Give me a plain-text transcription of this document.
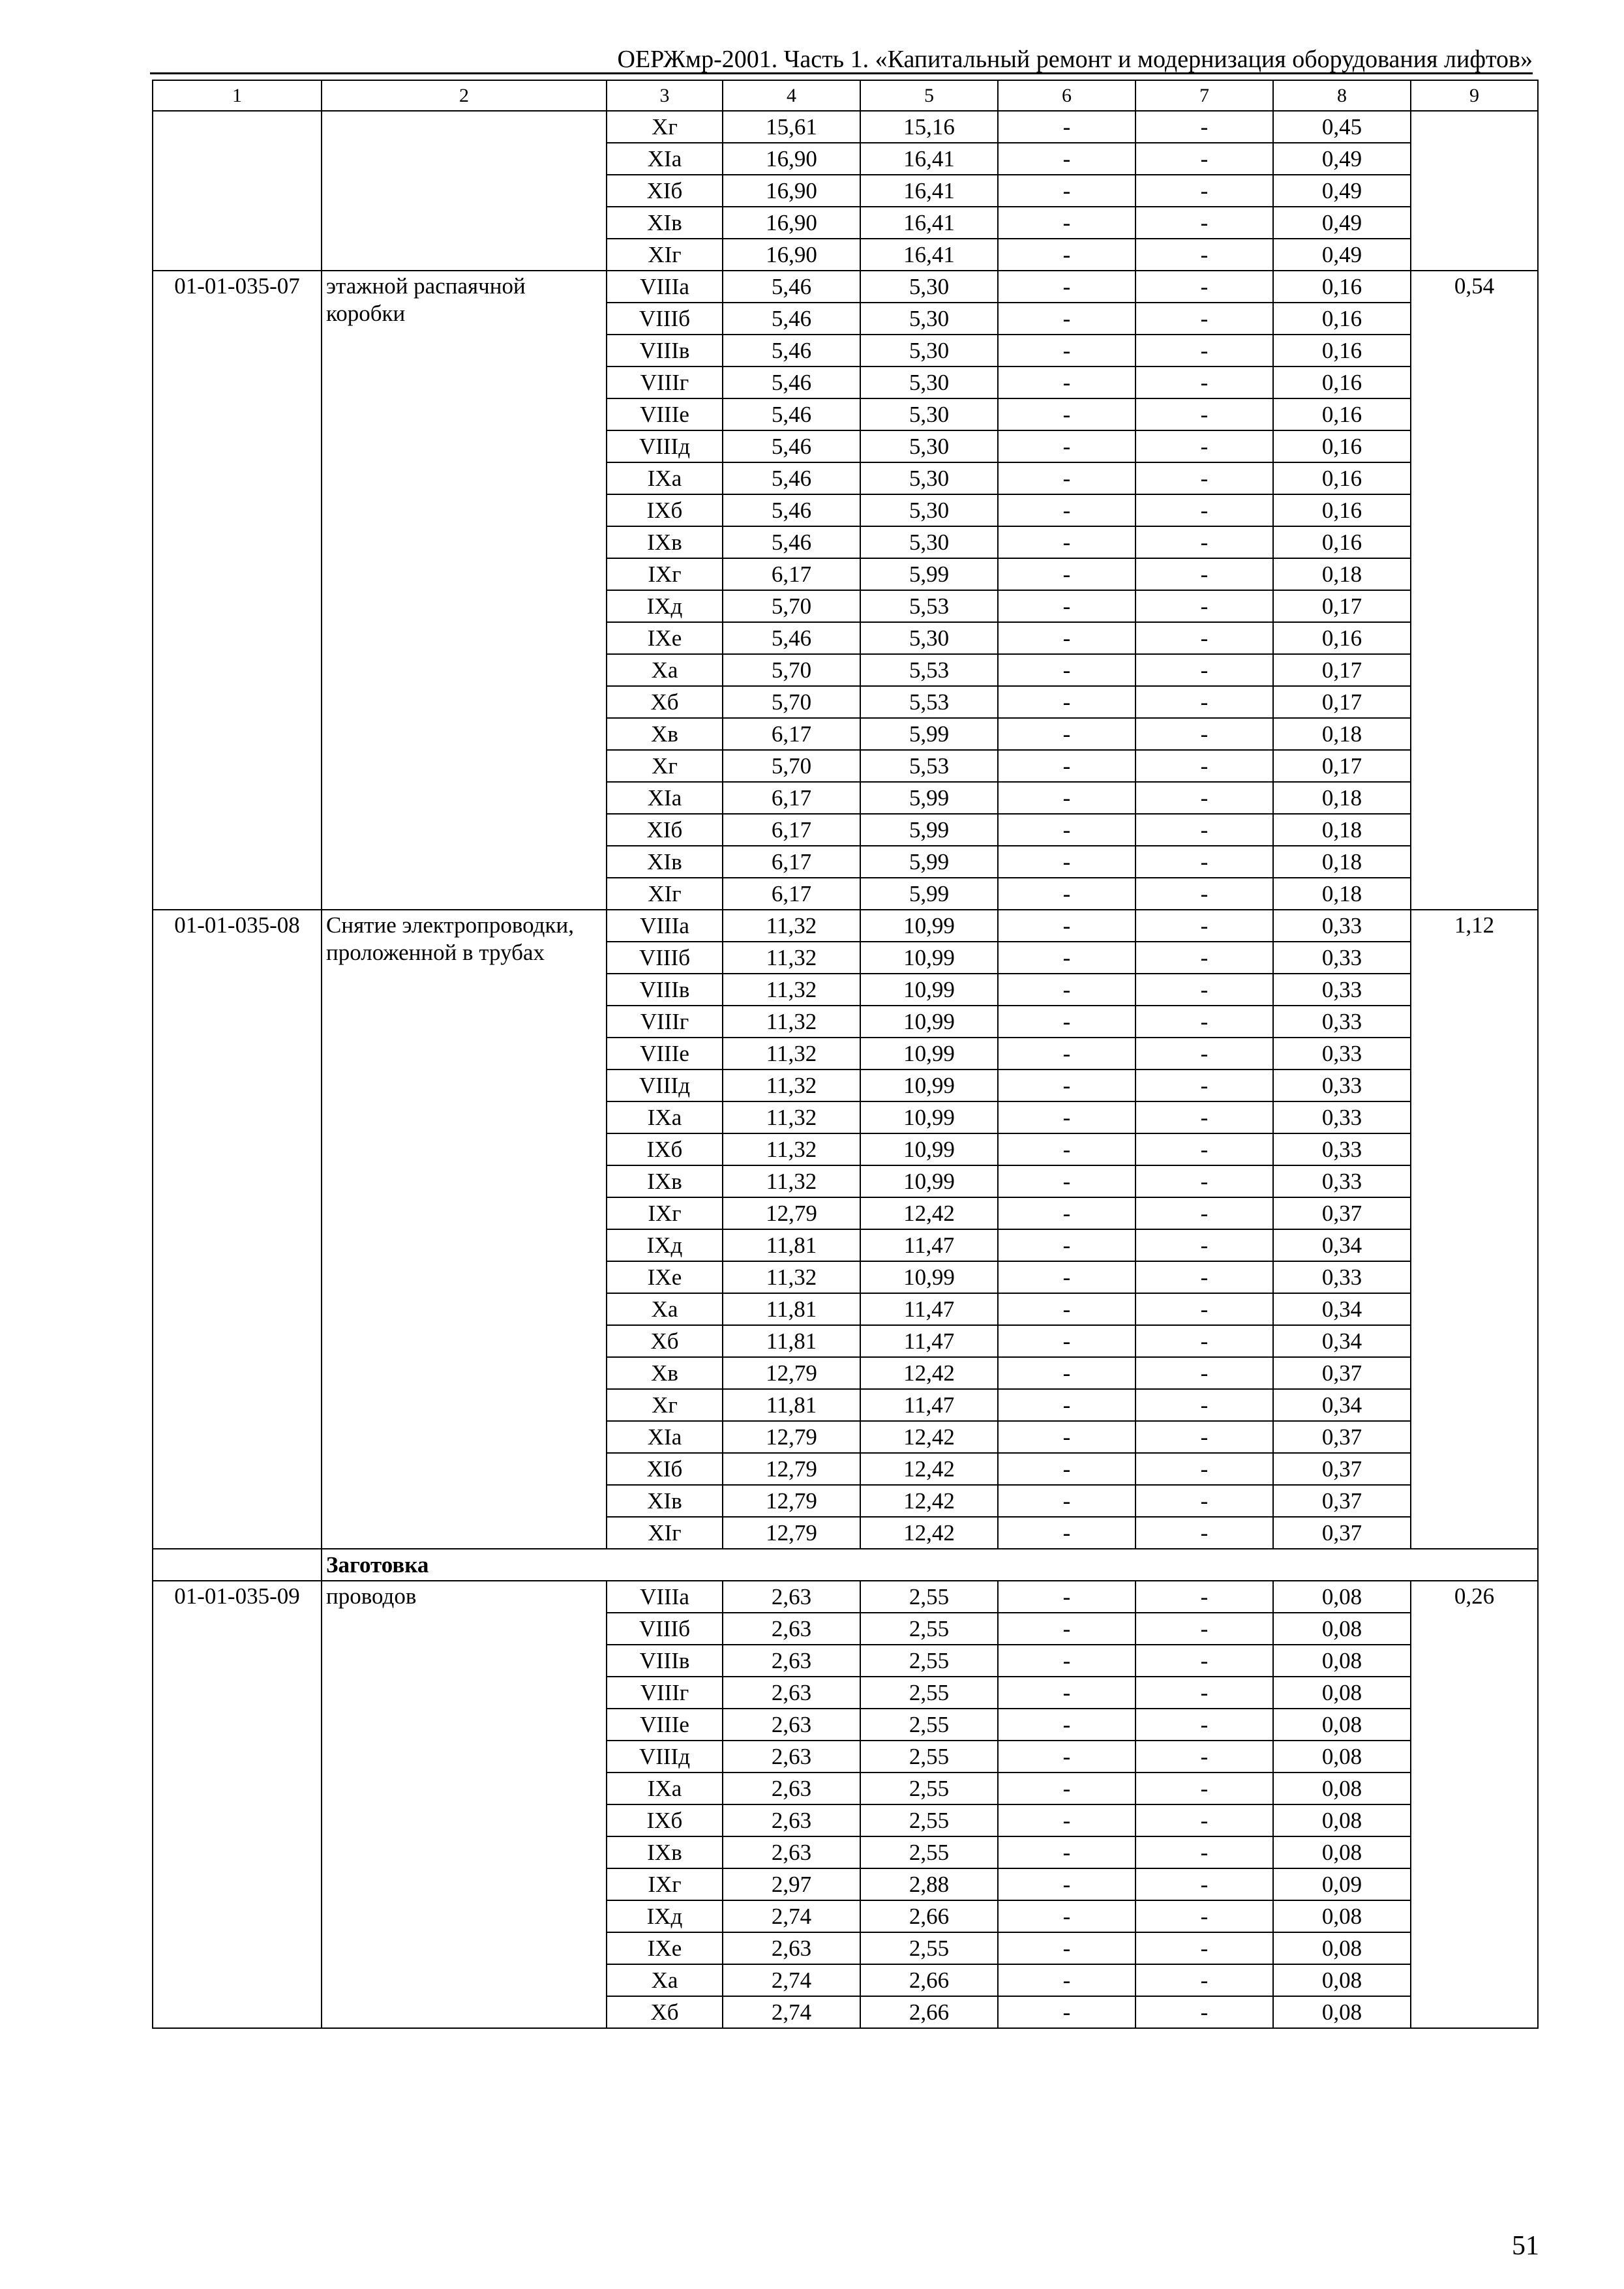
ОЕРЖмр-2001. Часть 1. «Капитальный ремонт и модернизация оборудования лифтов»
1	2	3	4	5	6	7	8	9
		Хг	15,61	15,16	-	-	0,45	
		ХIа	16,90	16,41	-	-	0,49	
		ХIб	16,90	16,41	-	-	0,49	
		ХIв	16,90	16,41	-	-	0,49	
		ХIг	16,90	16,41	-	-	0,49	
01-01-035-07	этажной распаячной коробки	VIIIа	5,46	5,30	-	-	0,16	0,54
		VIIIб	5,46	5,30	-	-	0,16	
		VIIIв	5,46	5,30	-	-	0,16	
		VIIIг	5,46	5,30	-	-	0,16	
		VIIIе	5,46	5,30	-	-	0,16	
		VIIIд	5,46	5,30	-	-	0,16	
		IХа	5,46	5,30	-	-	0,16	
		IХб	5,46	5,30	-	-	0,16	
		IХв	5,46	5,30	-	-	0,16	
		IХг	6,17	5,99	-	-	0,18	
		IХд	5,70	5,53	-	-	0,17	
		IХе	5,46	5,30	-	-	0,16	
		Ха	5,70	5,53	-	-	0,17	
		Хб	5,70	5,53	-	-	0,17	
		Хв	6,17	5,99	-	-	0,18	
		Хг	5,70	5,53	-	-	0,17	
		ХIа	6,17	5,99	-	-	0,18	
		ХIб	6,17	5,99	-	-	0,18	
		ХIв	6,17	5,99	-	-	0,18	
		ХIг	6,17	5,99	-	-	0,18	
01-01-035-08	Снятие электропроводки, проложенной в трубах	VIIIа	11,32	10,99	-	-	0,33	1,12
		VIIIб	11,32	10,99	-	-	0,33	
		VIIIв	11,32	10,99	-	-	0,33	
		VIIIг	11,32	10,99	-	-	0,33	
		VIIIе	11,32	10,99	-	-	0,33	
		VIIIд	11,32	10,99	-	-	0,33	
		IХа	11,32	10,99	-	-	0,33	
		IХб	11,32	10,99	-	-	0,33	
		IХв	11,32	10,99	-	-	0,33	
		IХг	12,79	12,42	-	-	0,37	
		IХд	11,81	11,47	-	-	0,34	
		IХе	11,32	10,99	-	-	0,33	
		Ха	11,81	11,47	-	-	0,34	
		Хб	11,81	11,47	-	-	0,34	
		Хв	12,79	12,42	-	-	0,37	
		Хг	11,81	11,47	-	-	0,34	
		ХIа	12,79	12,42	-	-	0,37	
		ХIб	12,79	12,42	-	-	0,37	
		ХIв	12,79	12,42	-	-	0,37	
		ХIг	12,79	12,42	-	-	0,37	
	Заготовка							
01-01-035-09	проводов	VIIIа	2,63	2,55	-	-	0,08	0,26
		VIIIб	2,63	2,55	-	-	0,08	
		VIIIв	2,63	2,55	-	-	0,08	
		VIIIг	2,63	2,55	-	-	0,08	
		VIIIе	2,63	2,55	-	-	0,08	
		VIIIд	2,63	2,55	-	-	0,08	
		IХа	2,63	2,55	-	-	0,08	
		IХб	2,63	2,55	-	-	0,08	
		IХв	2,63	2,55	-	-	0,08	
		IХг	2,97	2,88	-	-	0,09	
		IХд	2,74	2,66	-	-	0,08	
		IХе	2,63	2,55	-	-	0,08	
		Ха	2,74	2,66	-	-	0,08	
		Хб	2,74	2,66	-	-	0,08	
51
